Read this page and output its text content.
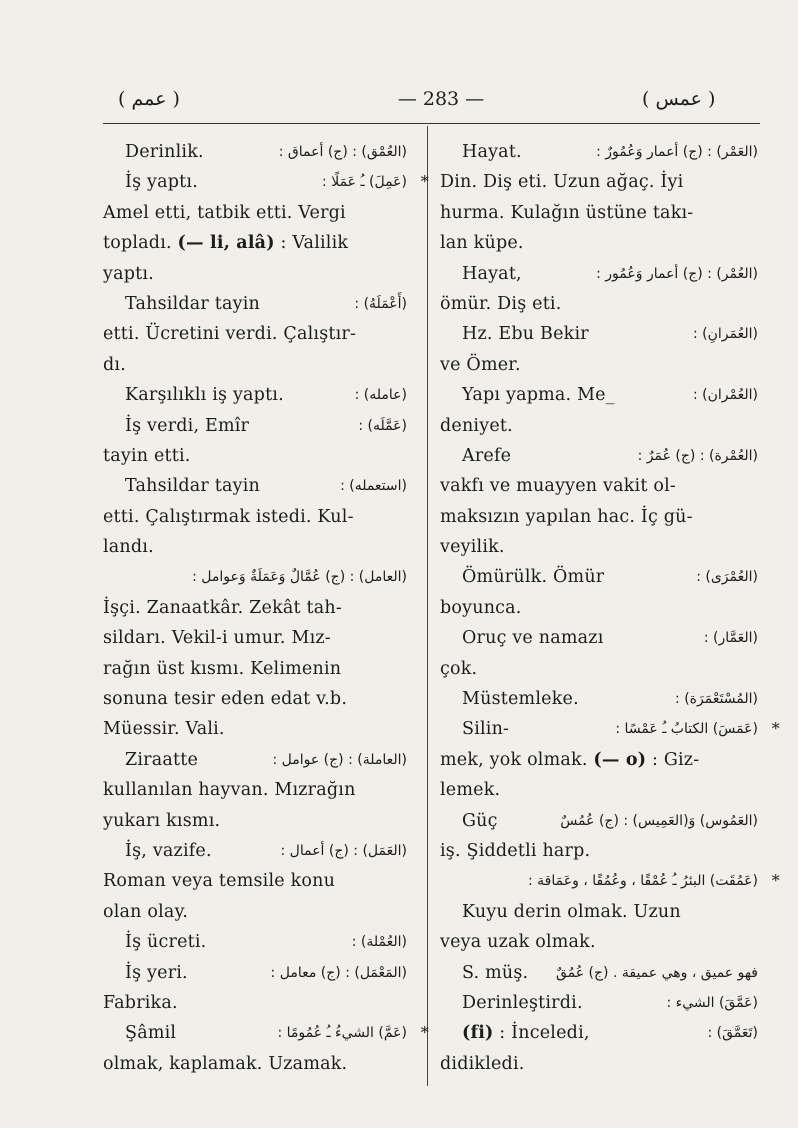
( عمم )	— 283 —	( عمس )
Derinlik.	(العُمْق) : (ج) أعماق :
İş yaptı.	(عَمِلَ) ـُ عَمَلًا : *
Amel etti, tatbik etti. Vergi
topladı. (— li, alâ) : Valilik
yaptı.
Tahsildar tayin	(أَعْمَلَهُ) :
etti. Ücretini verdi. Çalıştır-
dı.
Karşılıklı iş yaptı.	(عامله) :
İş verdi, Emîr	(عَمَّلَه) :
tayin etti.
Tahsildar tayin	(استعمله) :
etti. Çalıştırmak istedi. Kul-
landı.
(العامل) : (ج) عُمَّالٌ وَعَمَلَةٌ وَعوامل :
İşçi. Zanaatkâr. Zekât tah-
sildarı. Vekil-i umur. Mız-
rağın üst kısmı. Kelimenin
sonuna tesir eden edat v.b.
Müessir. Vali.
Ziraatte	(العاملة) : (ج) عوامل :
kullanılan hayvan. Mızrağın
yukarı kısmı.
İş, vazife.	(العَمَل) : (ج) أعمال :
Roman veya temsile konu
olan olay.
İş ücreti.	(العُمْلة) :
İş yeri.	(المَعْمَل) : (ج) معامل :
Fabrika.
Şâmil	(عَمَّ) الشيءُ ـُ عُمُومًا : *
olmak, kaplamak. Uzamak.
Hayat.	(العَمْر) : (ج) أعمار وَعُمُورٌ :
Din. Diş eti. Uzun ağaç. İyi
hurma. Kulağın üstüne takı-
lan küpe.
Hayat,	(العُمْر) : (ج) أعمار وَعُمُور :
ömür. Diş eti.
Hz. Ebu Bekir	(العُمَرانِ) :
ve Ömer.
Yapı yapma. Me_	(العُمْران) :
deniyet.
Arefe	(العُمْرة) : (ج) عُمَرٌ :
vakfı ve muayyen vakit ol-
maksızın yapılan hac. İç gü-
veyilik.
Ömürülk. Ömür	(العُمْرَى) :
boyunca.
Oruç ve namazı	(العَمَّار) :
çok.
Müstemleke.	(المُسْتَعْمَرَة) :
Silin-	(عَمَسَ) الكتابُ ـُ عَمْسًا : *
mek, yok olmak. (— o) : Giz-
lemek.
Güç	(العَمُوس) وَ(العَمِيس) : (ج) عُمُسٌ
iş. Şiddetli harp.
(عَمُقَت) البئرُ ـُ عُمْقًا ، وعُمُقًا ، وعَمَاقة : *
Kuyu derin olmak. Uzun
veya uzak olmak.
S. müş. فهو عميق ، وهي عميقة . (ج) عُمُقٌ
Derinleştirdi.	(عَمَّقَ) الشيء :
(fi) : İnceledi,	(تَعَمَّقَ) :
didikledi.
